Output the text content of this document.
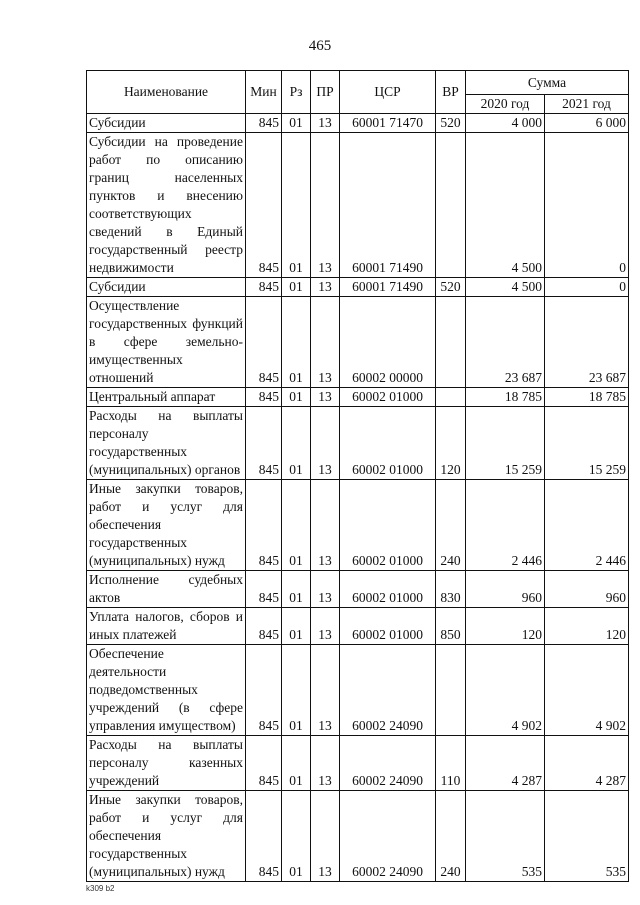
465
Наименование	Мин	Рз	ПР	ЦСР	ВР	Сумма	
						2020 год	2021 год
Субсидии	845	01	13	60001 71470	520	4 000	6 000
Субсидии на проведение работ по описанию границ населенных пунктов и внесению соответствующих сведений в Единый государственный реестр недвижимости	845	01	13	60001 71490		4 500	0
Субсидии	845	01	13	60001 71490	520	4 500	0
Осуществление государственных функций в сфере земельно-имущественных отношений	845	01	13	60002 00000		23 687	23 687
Центральный аппарат	845	01	13	60002 01000		18 785	18 785
Расходы на выплаты персоналу государственных (муниципальных) органов	845	01	13	60002 01000	120	15 259	15 259
Иные закупки товаров, работ и услуг для обеспечения государственных (муниципальных) нужд	845	01	13	60002 01000	240	2 446	2 446
Исполнение судебных актов	845	01	13	60002 01000	830	960	960
Уплата налогов, сборов и иных платежей	845	01	13	60002 01000	850	120	120
Обеспечение деятельности подведомственных учреждений (в сфере управления имуществом)	845	01	13	60002 24090		4 902	4 902
Расходы на выплаты персоналу казенных учреждений	845	01	13	60002 24090	110	4 287	4 287
Иные закупки товаров, работ и услуг для обеспечения государственных (муниципальных) нужд	845	01	13	60002 24090	240	535	535
k309 b2
